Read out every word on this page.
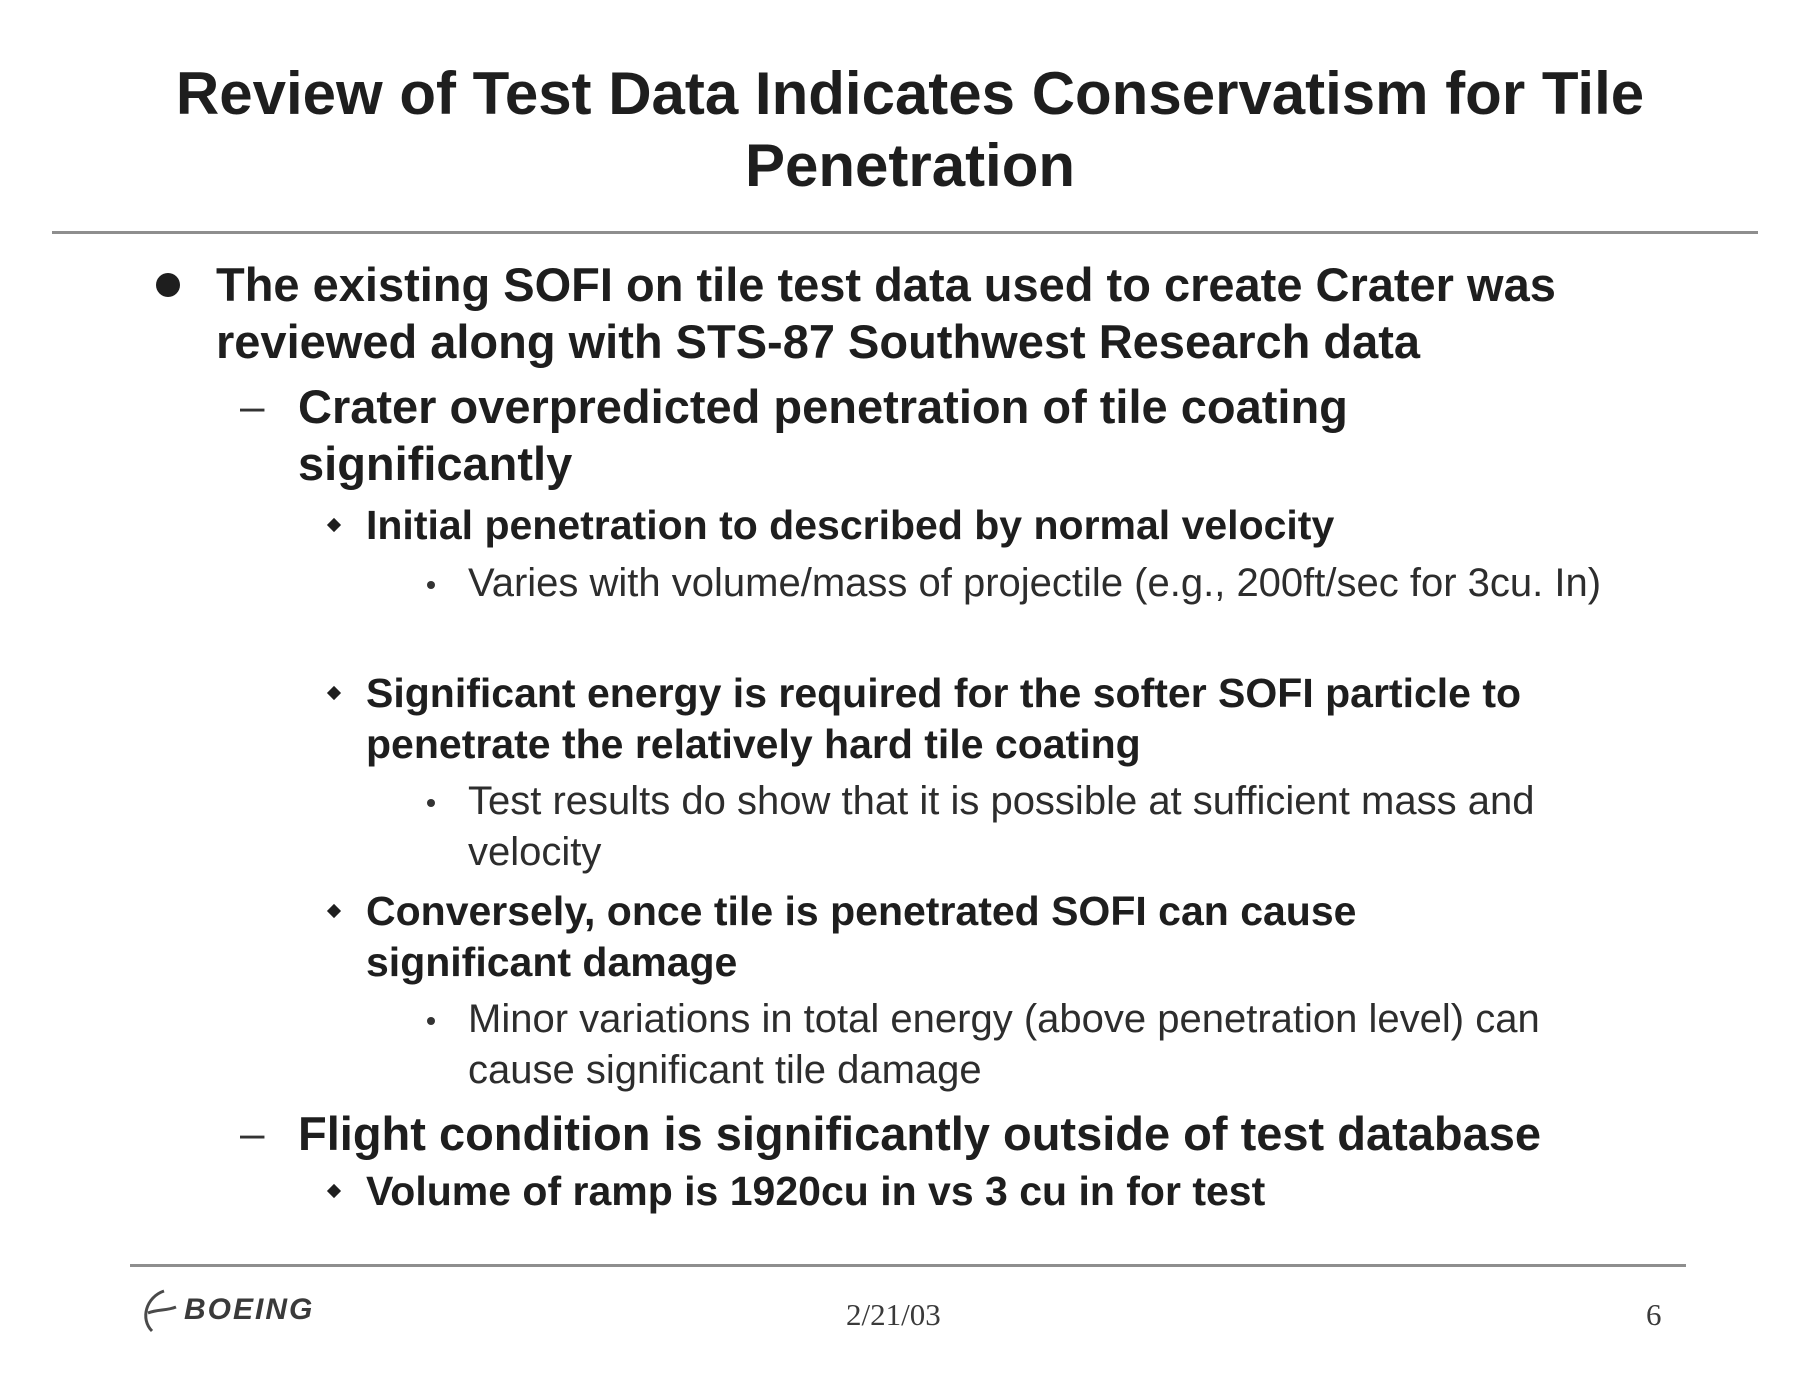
Review of Test Data Indicates Conservatism for Tile Penetration
The existing SOFI on tile test data used to create Crater was reviewed along with STS-87 Southwest Research data
– Crater overpredicted penetration of tile coating significantly
Initial penetration to described by normal velocity
Varies with volume/mass of projectile (e.g., 200ft/sec for 3cu. In)
Significant energy is required for the softer SOFI particle to penetrate the relatively hard tile coating
Test results do show that it is possible at sufficient mass and velocity
Conversely, once tile is penetrated SOFI can cause significant damage
Minor variations in total energy (above penetration level) can cause significant tile damage
– Flight condition is significantly outside of test database
Volume of ramp is 1920cu in vs 3 cu in for test
BOEING	2/21/03	6
